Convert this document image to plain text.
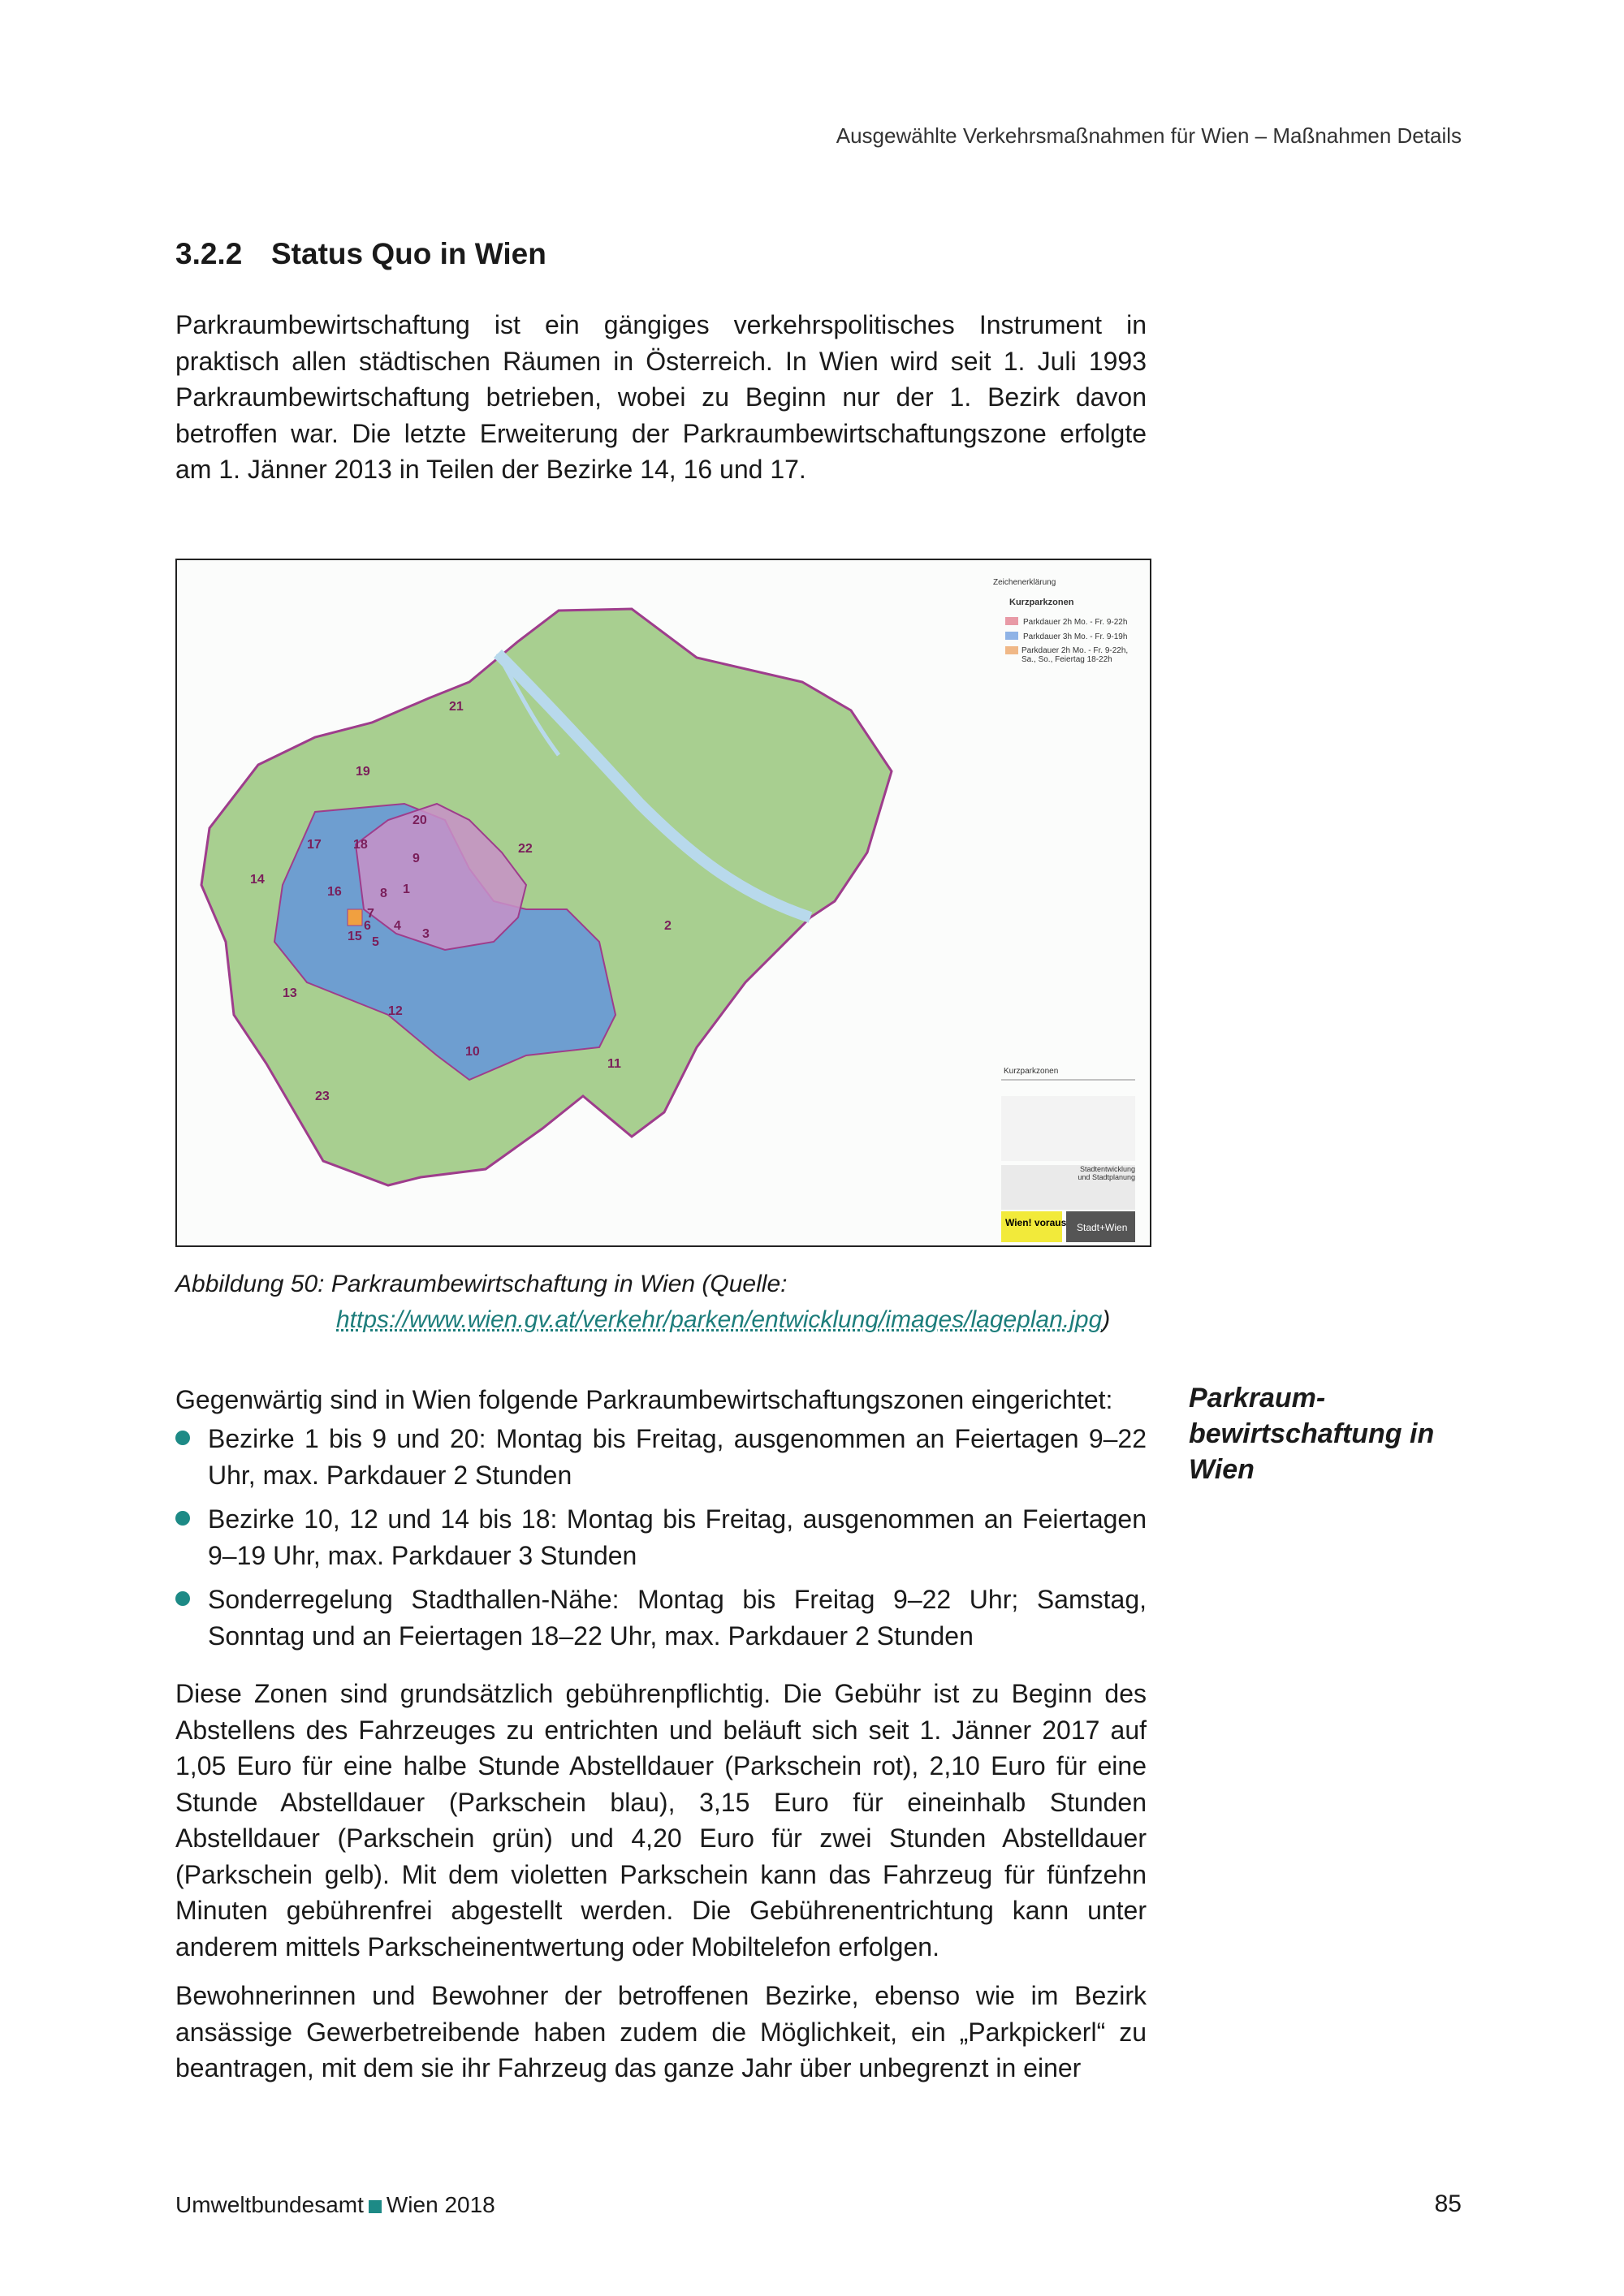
Ausgewählte Verkehrsmaßnahmen für Wien – Maßnahmen Details
3.2.2 Status Quo in Wien

Parkraumbewirtschaftung ist ein gängiges verkehrspolitisches Instrument in praktisch allen städtischen Räumen in Österreich. In Wien wird seit 1. Juli 1993 Parkraumbewirtschaftung betrieben, wobei zu Beginn nur der 1. Bezirk davon betroffen war. Die letzte Erweiterung der Parkraumbewirtschaftungszone erfolgte am 1. Jänner 2013 in Teilen der Bezirke 14, 16 und 17.

1
2
3
4
5
6
7
8
9
10
11
12
13
14
15
16
17 18
19
20
21
22
23
Zeichenerklärung
Kurzparkzonen
Parkdauer 2h Mo. - Fr. 9-22h
Parkdauer 3h Mo. - Fr. 9-19h
Parkdauer 2h Mo. - Fr. 9-22h, Sa., So., Feiertag 18-22h
Kurzparkzonen
Stadtentwicklung und Stadtplanung
Wien! voraus Stadt+Wien
Abbildung 50: Parkraumbewirtschaftung in Wien (Quelle:
https://www.wien.gv.at/verkehr/parken/entwicklung/images/lageplan.jpg)
Parkraum-
bewirtschaftung in
Wien

Gegenwärtig sind in Wien folgende Parkraumbewirtschaftungszonen eingerichtet:

Bezirke 1 bis 9 und 20: Montag bis Freitag, ausgenommen an Feiertagen 9–22 Uhr, max. Parkdauer 2 Stunden
Bezirke 10, 12 und 14 bis 18: Montag bis Freitag, ausgenommen an Feiertagen 9–19 Uhr, max. Parkdauer 3 Stunden
Sonderregelung Stadthallen-Nähe: Montag bis Freitag 9–22 Uhr; Samstag, Sonntag und an Feiertagen 18–22 Uhr, max. Parkdauer 2 Stunden

Diese Zonen sind grundsätzlich gebührenpflichtig. Die Gebühr ist zu Beginn des Abstellens des Fahrzeuges zu entrichten und beläuft sich seit 1. Jänner 2017 auf 1,05 Euro für eine halbe Stunde Abstelldauer (Parkschein rot), 2,10 Euro für eine Stunde Abstelldauer (Parkschein blau), 3,15 Euro für eineinhalb Stunden Abstelldauer (Parkschein grün) und 4,20 Euro für zwei Stunden Abstelldauer (Parkschein gelb). Mit dem violetten Parkschein kann das Fahrzeug für fünfzehn Minuten gebührenfrei abgestellt werden. Die Gebührenentrichtung kann unter anderem mittels Parkscheinentwertung oder Mobiltelefon erfolgen.

Bewohnerinnen und Bewohner der betroffenen Bezirke, ebenso wie im Bezirk ansässige Gewerbetreibende haben zudem die Möglichkeit, ein „Parkpickerl“ zu beantragen, mit dem sie ihr Fahrzeug das ganze Jahr über unbegrenzt in einer

Umweltbundesamt Wien 2018	85
